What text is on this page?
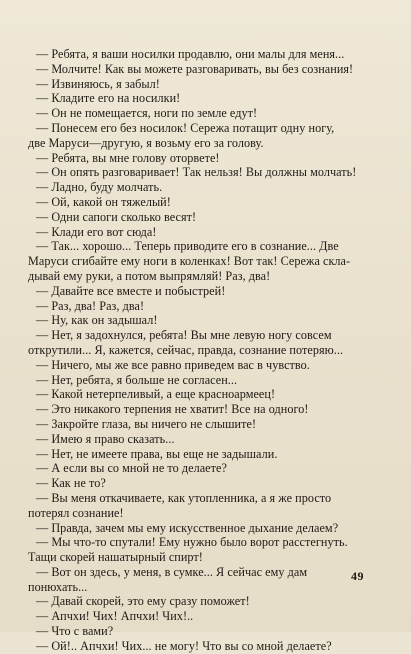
— Ребята, я ваши носилки продавлю, они малы для меня...
— Молчите! Как вы можете разговаривать, вы без сознания!
— Извиняюсь, я забыл!
— Кладите его на носилки!
— Он не помещается, ноги по земле едут!
— Понесем его без носилок! Сережа потащит одну ногу,
две Маруси—другую, я возьму его за голову.
— Ребята, вы мне голову оторвете!
— Он опять разговаривает! Так нельзя! Вы должны молчать!
— Ладно, буду молчать.
— Ой, какой он тяжелый!
— Одни сапоги сколько весят!
— Клади его вот сюда!
— Так... хорошо... Теперь приводите его в сознание... Две
Маруси сгибайте ему ноги в коленках! Вот так! Сережа скла-
дывай ему руки, а потом выпрямляй! Раз, два!
— Давайте все вместе и побыстрей!
— Раз, два! Раз, два!
— Ну, как он задышал!
— Нет, я задохнулся, ребята! Вы мне левую ногу совсем
открутили... Я, кажется, сейчас, правда, сознание потеряю...
— Ничего, мы же все равно приведем вас в чувство.
— Нет, ребята, я больше не согласен...
— Какой нетерпеливый, а еще красноармеец!
— Это никакого терпения не хватит! Все на одного!
— Закройте глаза, вы ничего не слышите!
— Имею я право сказать...
— Нет, не имеете права, вы еще не задышали.
— А если вы со мной не то делаете?
— Как не то?
— Вы меня откачиваете, как утопленника, а я же просто
потерял сознание!
— Правда, зачем мы ему искусственное дыхание делаем?
— Мы что-то спутали! Ему нужно было ворот расстегнуть.
Тащи скорей нашатырный спирт!
— Вот он здесь, у меня, в сумке... Я сейчас ему дам
понюхать...
— Давай скорей, это ему сразу поможет!
— Апчхи! Чих! Апчхи! Чих!..
— Что с вами?
— Ой!.. Апчхи! Чих... не могу! Что вы со мной делаете?
49
